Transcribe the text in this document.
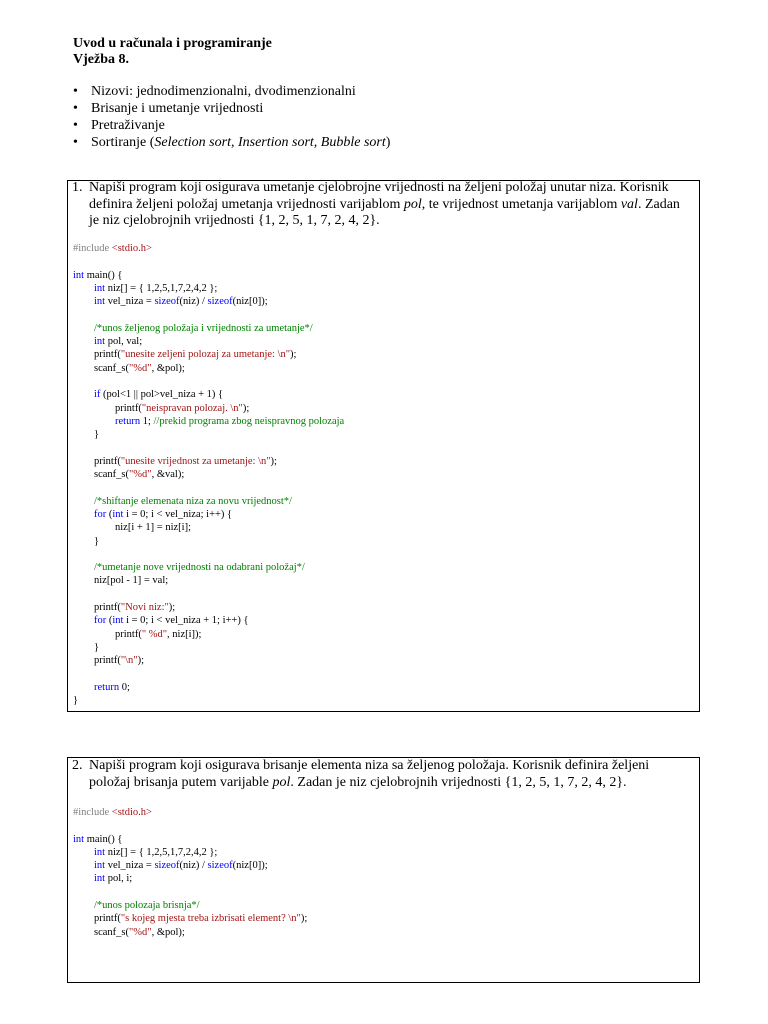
Uvod u računala i programiranje
Vježba 8.
• Nizovi: jednodimenzionalni, dvodimenzionalni
• Brisanje i umetanje vrijednosti
• Pretraživanje
• Sortiranje (Selection sort, Insertion sort, Bubble sort)
1. Napiši program koji osigurava umetanje cjelobrojne vrijednosti na željeni položaj unutar niza. Korisnik definira željeni položaj umetanja vrijednosti varijablom pol, te vrijednost umetanja varijablom val. Zadan je niz cjelobrojnih vrijednosti {1, 2, 5, 1, 7, 2, 4, 2}.
#include <stdio.h>

int main() {
	int niz[] = { 1,2,5,1,7,2,4,2 };
	int vel_niza = sizeof(niz) / sizeof(niz[0]);

	/*unos željenog položaja i vrijednosti za umetanje*/
	int pol, val;
	printf("unesite zeljeni polozaj za umetanje: \n");
	scanf_s("%d", &pol);

	if (pol<1 || pol>vel_niza + 1) {
		printf("neispravan polozaj. \n");
		return 1; //prekid programa zbog neispravnog polozaja
	}

	printf("unesite vrijednost za umetanje: \n");
	scanf_s("%d", &val);

	/*shiftanje elemenata niza za novu vrijednost*/
	for (int i = 0; i < vel_niza; i++) {
		niz[i + 1] = niz[i];
	}

	/*umetanje nove vrijednosti na odabrani položaj*/
	niz[pol - 1] = val;

	printf("Novi niz:");
	for (int i = 0; i < vel_niza + 1; i++) {
		printf(" %d", niz[i]);
	}
	printf("\n");

	return 0;
}

2. Napiši program koji osigurava brisanje elementa niza sa željenog položaja. Korisnik definira željeni položaj brisanja putem varijable pol. Zadan je niz cjelobrojnih vrijednosti {1, 2, 5, 1, 7, 2, 4, 2}.
#include <stdio.h>

int main() {
	int niz[] = { 1,2,5,1,7,2,4,2 };
	int vel_niza = sizeof(niz) / sizeof(niz[0]);
	int pol, i;

	/*unos polozaja brisnja*/
	printf("s kojeg mjesta treba izbrisati element? \n");
	scanf_s("%d", &pol);
